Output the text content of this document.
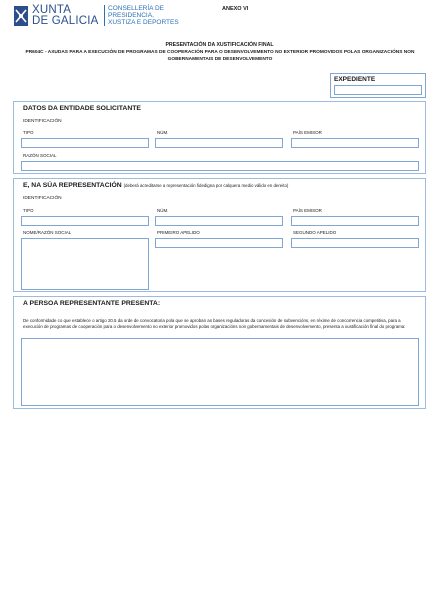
XUNTA
DE GALICIA
CONSELLERÍA DE
PRESIDENCIA,
XUSTIZA E DEPORTES
ANEXO VI
PRESENTACIÓN DA XUSTIFICACIÓN FINAL
PR604C - AXUDAS PARA A EXECUCIÓN DE PROGRAMAS DE COOPERACIÓN PARA O DESENVOLVEMENTO NO EXTERIOR PROMOVIDOS POLAS ORGANIZACIÓNS NON GOBERNAMENTAIS DE DESENVOLVEMENTO
EXPEDIENTE
DATOS DA ENTIDADE SOLICITANTE
IDENTIFICACIÓN
TIPO	NÚM.	PAÍS EMISOR
RAZÓN SOCIAL
E, NA SÚA REPRESENTACIÓN (deberá acreditarse a representación fidedigna por calquera medio válido en dereito)
IDENTIFICACIÓN
TIPO	NÚM.	PAÍS EMISOR
NOME/RAZÓN SOCIAL	PRIMEIRO APELIDO	SEGUNDO APELIDO
A PERSOA REPRESENTANTE PRESENTA:
De conformidade co que establece o artigo 20.5 da orde de convocatoria pola que se aproban as bases reguladoras da concesión de subvencións, en réxime de concorrencia competitiva, para a execución de programas de cooperación para o desenvolvemento no exterior promovidos polas organizacións non gobernamentais de desenvolvemento, presenta a xustificación final do programa:
